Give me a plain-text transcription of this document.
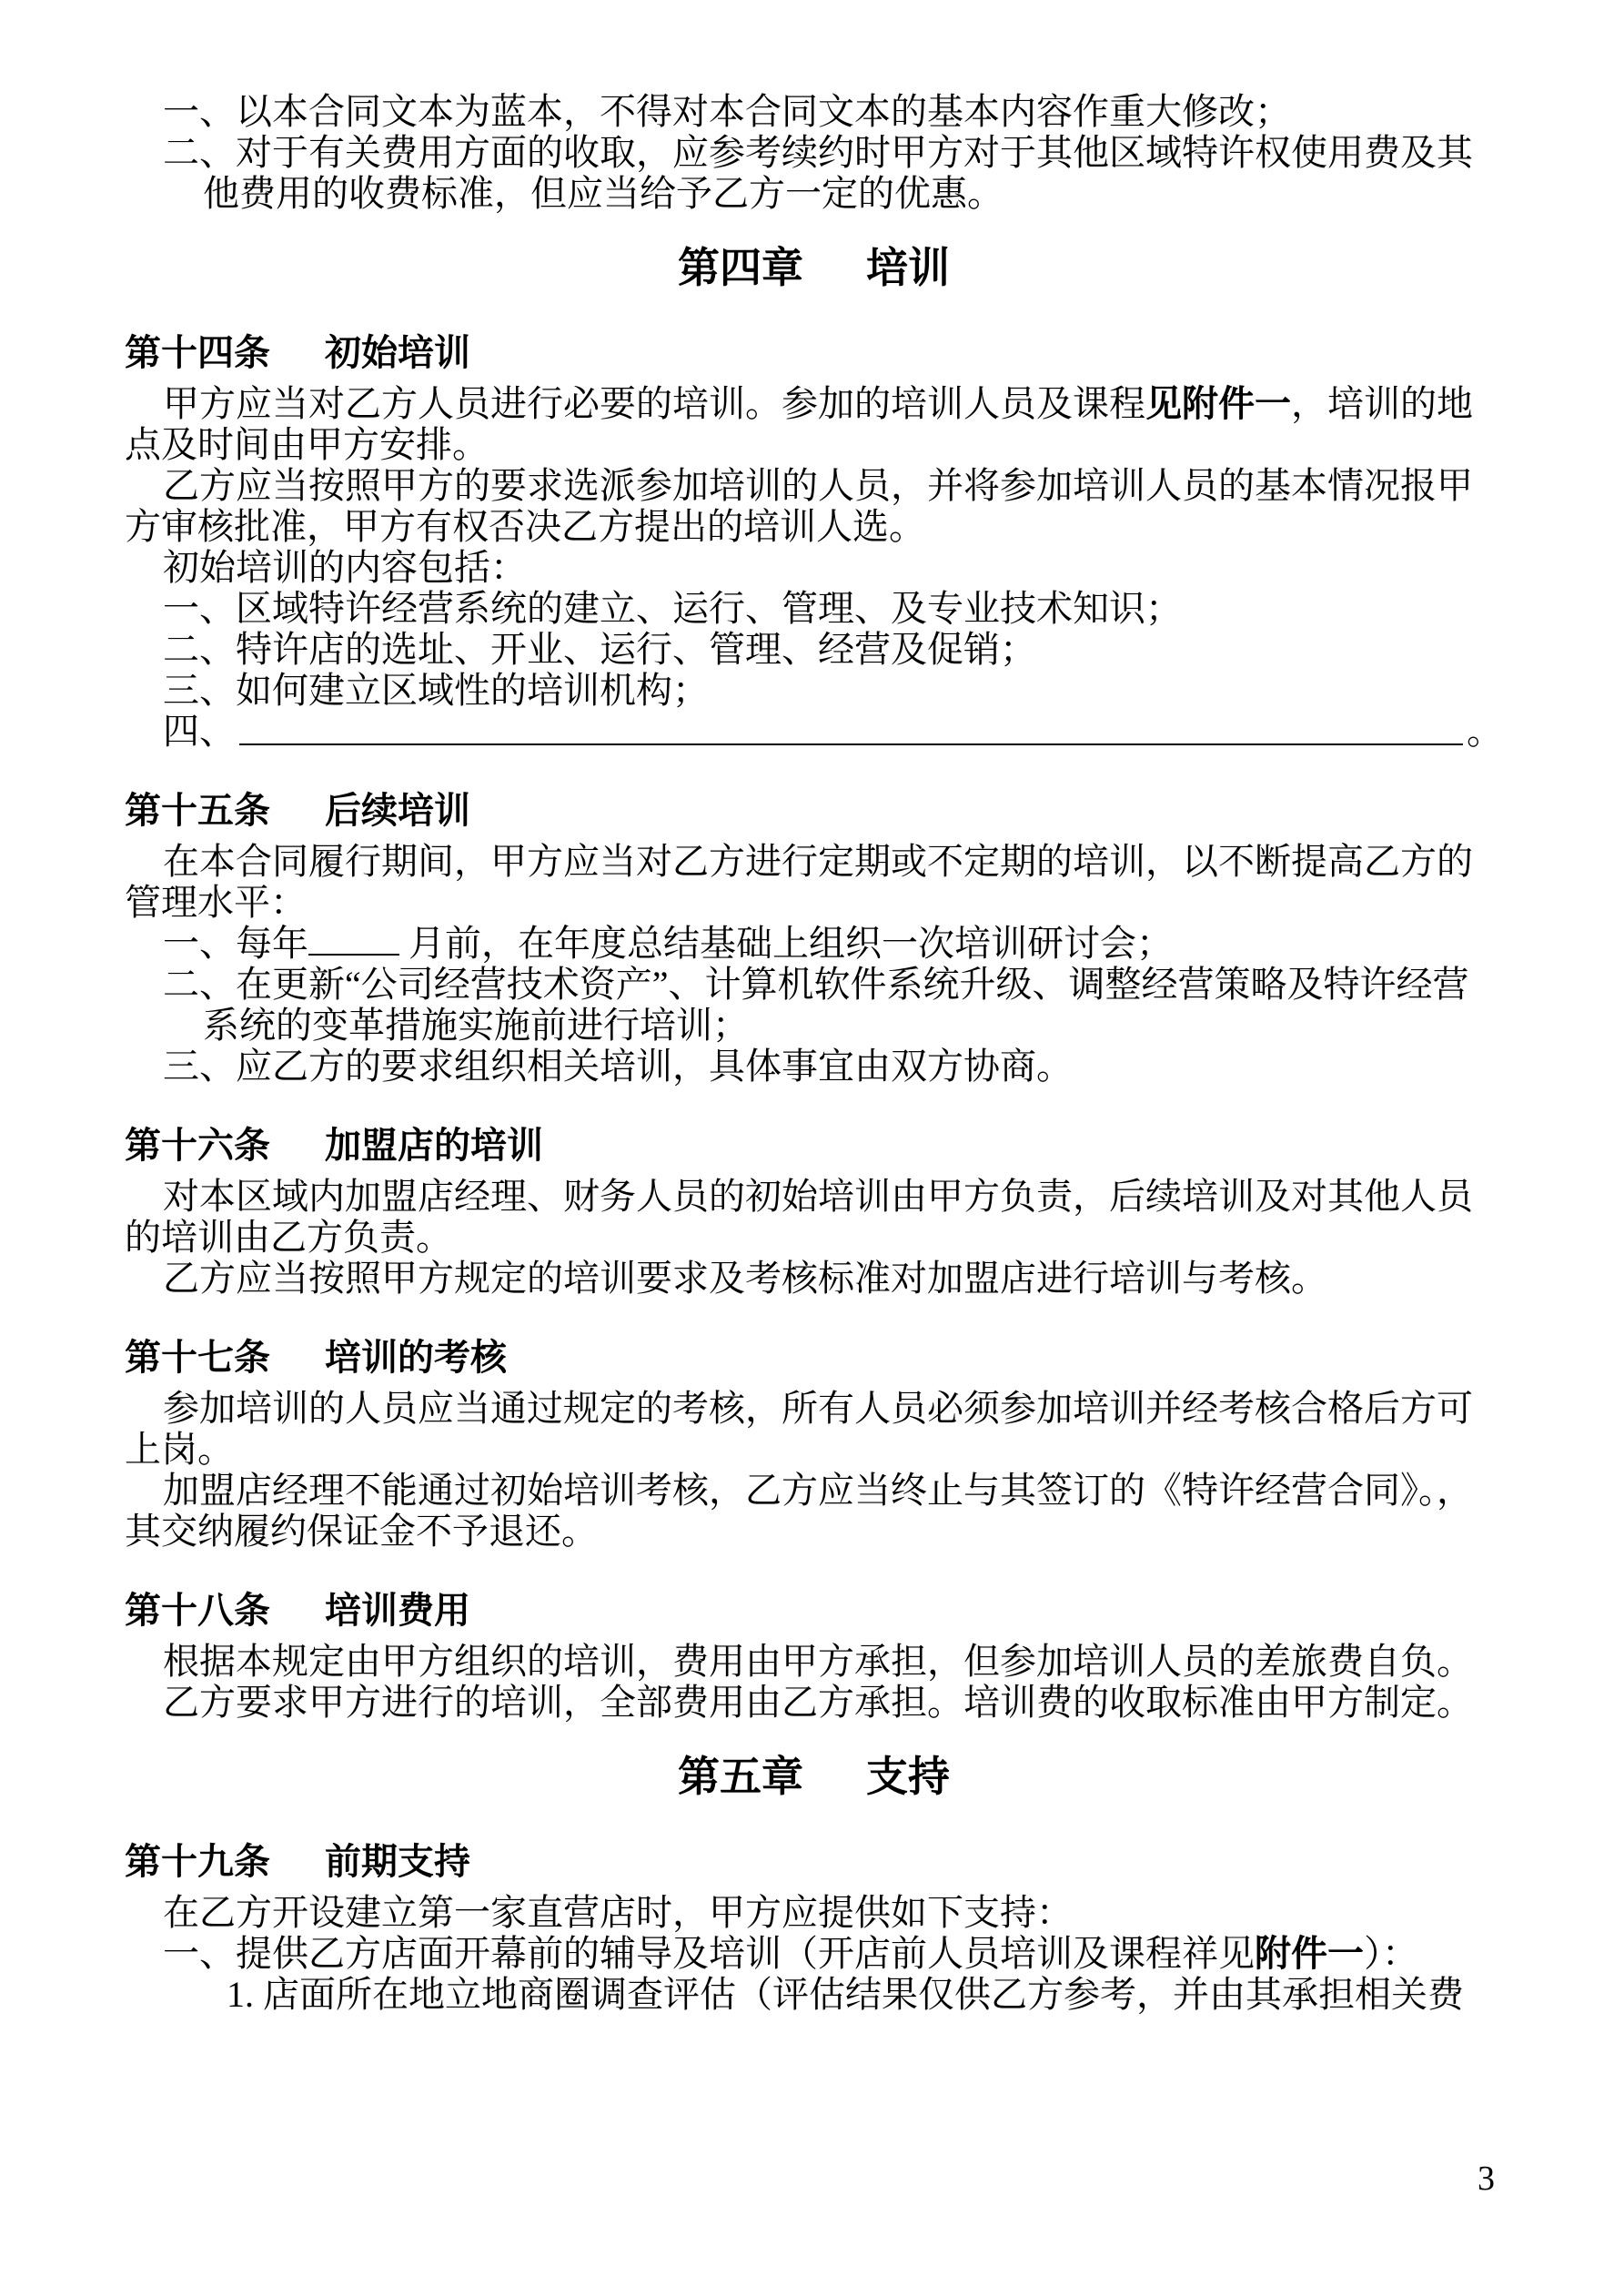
一、以本合同文本为蓝本，不得对本合同文本的基本内容作重大修改；

二、对于有关费用方面的收取，应参考续约时甲方对于其他区域特许权使用费及其他费用的收费标准，但应当给予乙方一定的优惠。

第四章 培训
第十四条 初始培训

甲方应当对乙方人员进行必要的培训。参加的培训人员及课程见附件一，培训的地点及时间由甲方安排。

乙方应当按照甲方的要求选派参加培训的人员，并将参加培训人员的基本情况报甲方审核批准，甲方有权否决乙方提出的培训人选。

初始培训的内容包括：

一、区域特许经营系统的建立、运行、管理、及专业技术知识；

二、特许店的选址、开业、运行、管理、经营及促销；

三、如何建立区域性的培训机构；

四、	。

第十五条 后续培训

在本合同履行期间，甲方应当对乙方进行定期或不定期的培训，以不断提高乙方的管理水平：

一、每年	月前，在年度总结基础上组织一次培训研讨会；

二、在更新“公司经营技术资产”、计算机软件系统升级、调整经营策略及特许经营系统的变革措施实施前进行培训；

三、应乙方的要求组织相关培训，具体事宜由双方协商。

第十六条 加盟店的培训

对本区域内加盟店经理、财务人员的初始培训由甲方负责，后续培训及对其他人员的培训由乙方负责。

乙方应当按照甲方规定的培训要求及考核标准对加盟店进行培训与考核。

第十七条 培训的考核

参加培训的人员应当通过规定的考核，所有人员必须参加培训并经考核合格后方可上岗。

加盟店经理不能通过初始培训考核，乙方应当终止与其签订的《特许经营合同》。，其交纳履约保证金不予退还。

第十八条 培训费用

根据本规定由甲方组织的培训，费用由甲方承担，但参加培训人员的差旅费自负。

乙方要求甲方进行的培训，全部费用由乙方承担。培训费的收取标准由甲方制定。

第五章 支持
第十九条 前期支持

在乙方开设建立第一家直营店时，甲方应提供如下支持：

一、提供乙方店面开幕前的辅导及培训（开店前人员培训及课程祥见附件一）：

1. 店面所在地立地商圈调查评估（评估结果仅供乙方参考，并由其承担相关费

3
